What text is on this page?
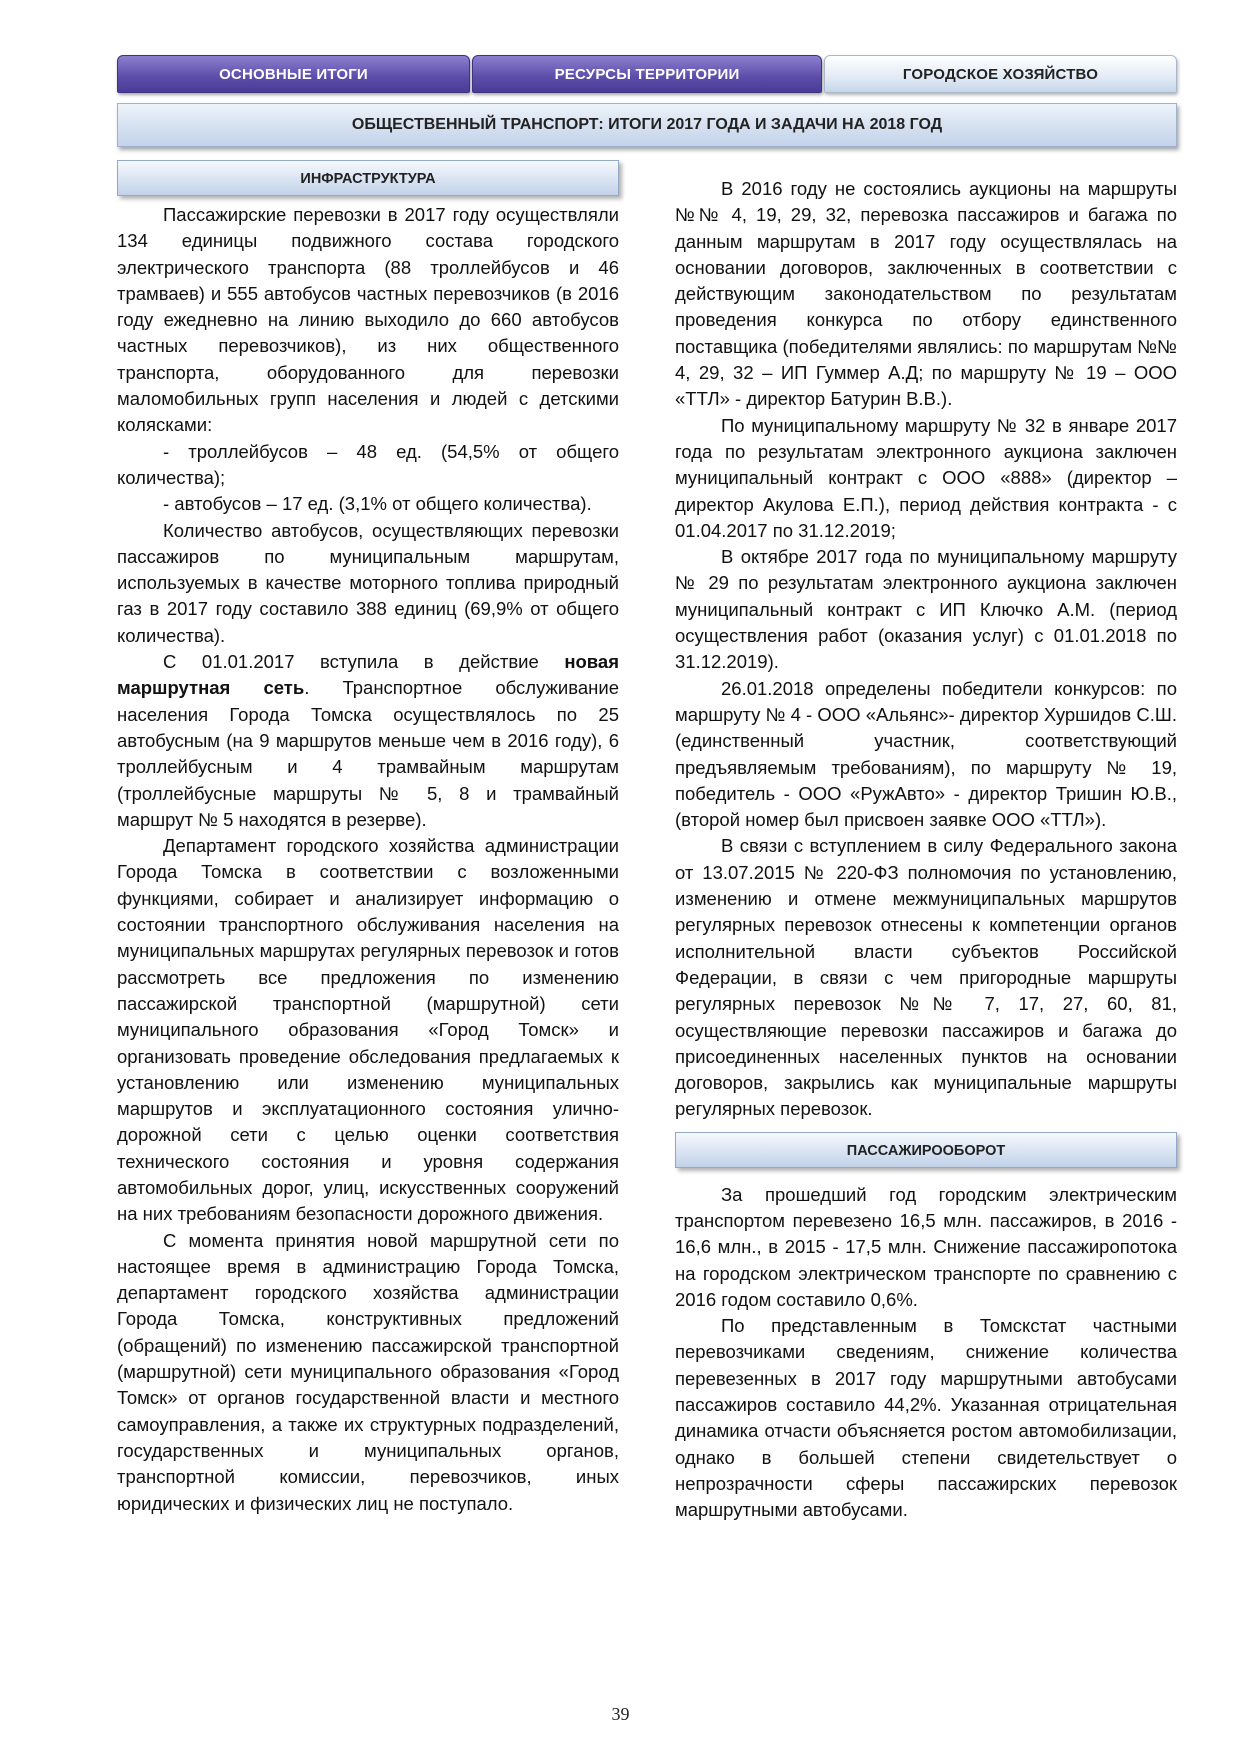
ОСНОВНЫЕ ИТОГИ	РЕСУРСЫ ТЕРРИТОРИИ	ГОРОДСКОЕ ХОЗЯЙСТВО
ОБЩЕСТВЕННЫЙ ТРАНСПОРТ: ИТОГИ 2017 ГОДА И ЗАДАЧИ НА 2018 ГОД
ИНФРАСТРУКТУРА

Пассажирские перевозки в 2017 году осуществляли 134 единицы подвижного состава городского электрического транспорта (88 троллейбусов и 46 трамваев) и 555 автобусов частных перевозчиков (в 2016 году ежедневно на линию выходило до 660 автобусов частных перевозчиков), из них общественного транспорта, оборудованного для перевозки маломобильных групп населения и людей с детскими колясками:

- троллейбусов – 48 ед. (54,5% от общего количества);

- автобусов – 17 ед. (3,1% от общего количества).

Количество автобусов, осуществляющих перевозки пассажиров по муниципальным маршрутам, используемых в качестве моторного топлива природный газ в 2017 году составило 388 единиц (69,9% от общего количества).

С 01.01.2017 вступила в действие новая маршрутная сеть. Транспортное обслуживание населения Города Томска осуществлялось по 25 автобусным (на 9 маршрутов меньше чем в 2016 году), 6 троллейбусным и 4 трамвайным маршрутам (троллейбусные маршруты № 5, 8 и трамвайный маршрут № 5 находятся в резерве).

Департамент городского хозяйства администрации Города Томска в соответствии с возложенными функциями, собирает и анализирует информацию о состоянии транспортного обслуживания населения на муниципальных маршрутах регулярных перевозок и готов рассмотреть все предложения по изменению пассажирской транспортной (маршрутной) сети муниципального образования «Город Томск» и организовать проведение обследования предлагаемых к установлению или изменению муниципальных маршрутов и эксплуатационного состояния улично-дорожной сети с целью оценки соответствия технического состояния и уровня содержания автомобильных дорог, улиц, искусственных сооружений на них требованиям безопасности дорожного движения.

С момента принятия новой маршрутной сети по настоящее время в администрацию Города Томска, департамент городского хозяйства администрации Города Томска, конструктивных предложений (обращений) по изменению пассажирской транспортной (маршрутной) сети муниципального образования «Город Томск» от органов государственной власти и местного самоуправления, а также их структурных подразделений, государственных и муниципальных органов, транспортной комиссии, перевозчиков, иных юридических и физических лиц не поступало.

В 2016 году не состоялись аукционы на маршруты №№ 4, 19, 29, 32, перевозка пассажиров и багажа по данным маршрутам в 2017 году осуществлялась на основании договоров, заключенных в соответствии с действующим законодательством по результатам проведения конкурса по отбору единственного поставщика (победителями являлись: по маршрутам №№ 4, 29, 32 – ИП Гуммер А.Д; по маршруту № 19 – ООО «ТТЛ» - директор Батурин В.В.).

По муниципальному маршруту № 32 в январе 2017 года по результатам электронного аукциона заключен муниципальный контракт с ООО «888» (директор – директор Акулова Е.П.), период действия контракта - с 01.04.2017 по 31.12.2019;

В октябре 2017 года по муниципальному маршруту № 29 по результатам электронного аукциона заключен муниципальный контракт с ИП Ключко А.М. (период осуществления работ (оказания услуг) с 01.01.2018 по 31.12.2019).

26.01.2018 определены победители конкурсов: по маршруту № 4 - ООО «Альянс»- директор Хуршидов С.Ш. (единственный участник, соответствующий предъявляемым требованиям), по маршруту № 19, победитель - ООО «РужАвто» - директор Тришин Ю.В., (второй номер был присвоен заявке ООО «ТТЛ»).

В связи с вступлением в силу Федерального закона от 13.07.2015 № 220-ФЗ полномочия по установлению, изменению и отмене межмуниципальных маршрутов регулярных перевозок отнесены к компетенции органов исполнительной власти субъектов Российской Федерации, в связи с чем пригородные маршруты регулярных перевозок №№ 7, 17, 27, 60, 81, осуществляющие перевозки пассажиров и багажа до присоединенных населенных пунктов на основании договоров, закрылись как муниципальные маршруты регулярных перевозок.

ПАССАЖИРООБОРОТ

За прошедший год городским электрическим транспортом перевезено 16,5 млн. пассажиров, в 2016 - 16,6 млн., в 2015 - 17,5 млн. Снижение пассажиропотока на городском электрическом транспорте по сравнению с 2016 годом составило 0,6%.

По представленным в Томскстат частными перевозчиками сведениям, снижение количества перевезенных в 2017 году маршрутными автобусами пассажиров составило 44,2%. Указанная отрицательная динамика отчасти объясняется ростом автомобилизации, однако в большей степени свидетельствует о непрозрачности сферы пассажирских перевозок маршрутными автобусами.

39
